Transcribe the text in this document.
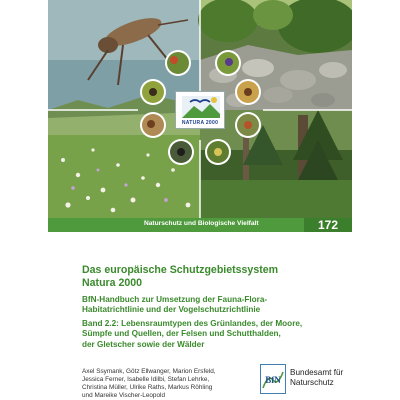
NATURA 2000
Naturschutz und Biologische Vielfalt	172 (2.2)

Das europäische Schutzgebietssystem
Natura 2000

BfN-Handbuch zur Umsetzung der Fauna-Flora-
Habitatrichtlinie und der Vogelschutzrichtlinie

Band 2.2: Lebensraumtypen des Grünlandes, der Moore,
Sümpfe und Quellen, der Felsen und Schutthalden,
der Gletscher sowie der Wälder

Axel Ssymank, Götz Ellwanger, Marion Ersfeld,
Jessica Ferner, Isabelle Idilbi, Stefan Lehrke,
Christina Müller, Ulrike Raths, Markus Röhling
und Mareike Vischer-Leopold
BfN
Bundesamt für
Naturschutz
